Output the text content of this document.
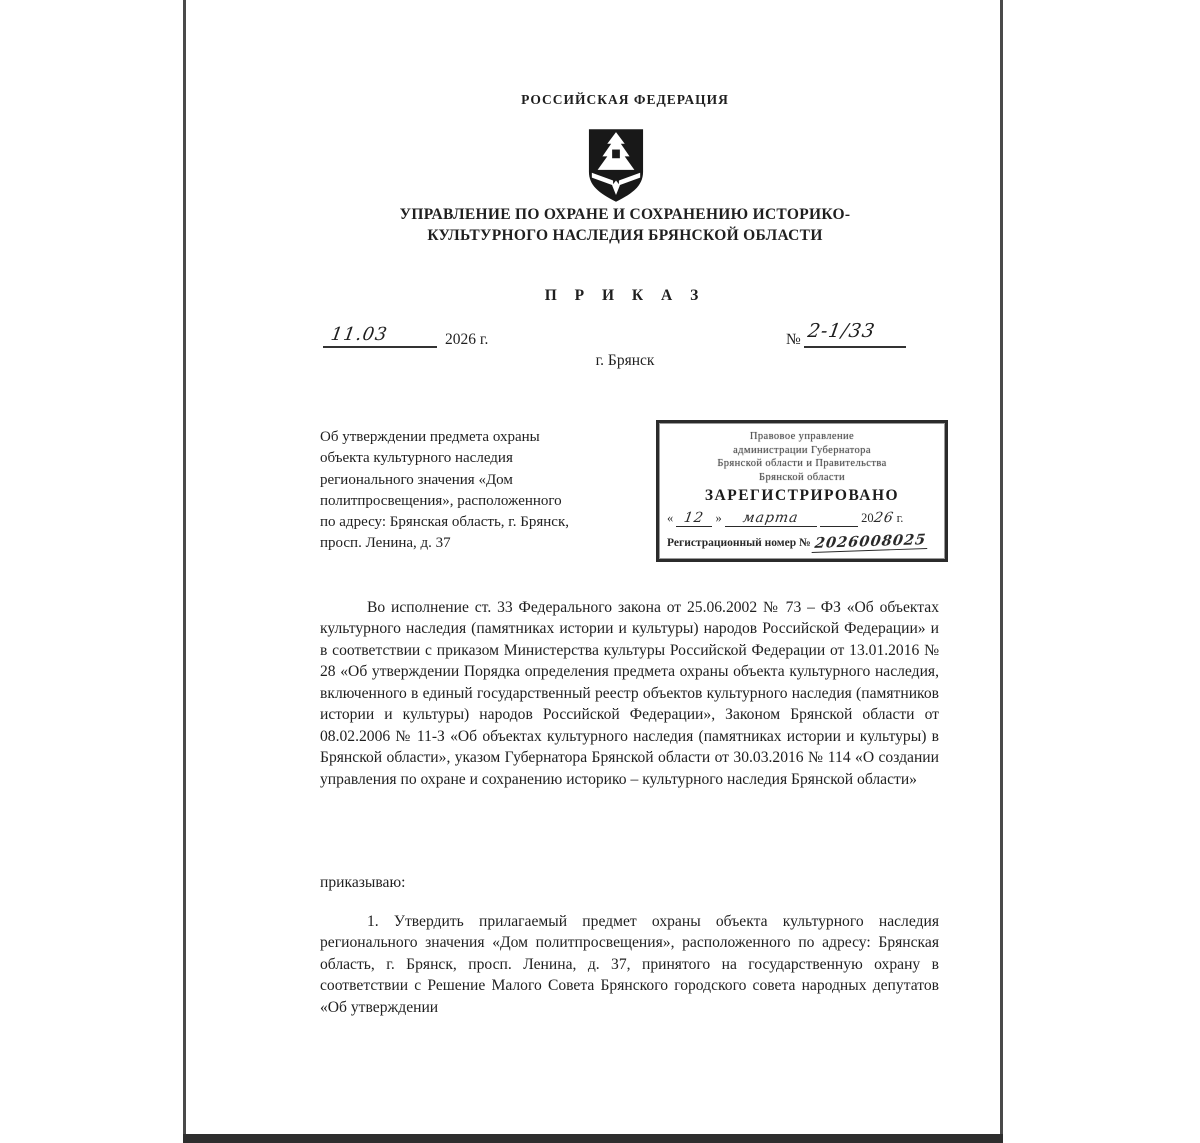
РОССИЙСКАЯ ФЕДЕРАЦИЯ
УПРАВЛЕНИЕ ПО ОХРАНЕ И СОХРАНЕНИЮ ИСТОРИКО-
КУЛЬТУРНОГО НАСЛЕДИЯ БРЯНСКОЙ ОБЛАСТИ
П Р И К А З
11.03	2026 г.	№ 2-1/33
г. Брянск
Об утверждении предмета охраны
объекта культурного наследия
регионального значения «Дом
политпросвещения», расположенного
по адресу: Брянская область, г. Брянск,
просп. Ленина, д. 37
Правовое управление
администрации Губернатора
Брянской области и Правительства
Брянской области
ЗАРЕГИСТРИРОВАНО
« 12 » марта	2026 г.
Регистрационный номер № 2026008025
Во исполнение ст. 33 Федерального закона от 25.06.2002 № 73 – ФЗ «Об объектах культурного наследия (памятниках истории и культуры) народов Российской Федерации» и в соответствии с приказом Министерства культуры Российской Федерации от 13.01.2016 № 28 «Об утверждении Порядка определения предмета охраны объекта культурного наследия, включенного в единый государственный реестр объектов культурного наследия (памятников истории и культуры) народов Российской Федерации», Законом Брянской области от 08.02.2006 № 11-З «Об объектах культурного наследия (памятниках истории и культуры) в Брянской области», указом Губернатора Брянской области от 30.03.2016 № 114 «О создании управления по охране и сохранению историко – культурного наследия Брянской области»
приказываю:
1. Утвердить прилагаемый предмет охраны объекта культурного наследия регионального значения «Дом политпросвещения», расположенного по адресу: Брянская область, г. Брянск, просп. Ленина, д. 37, принятого на государственную охрану в соответствии с Решение Малого Совета Брянского городского совета народных депутатов «Об утверждении
